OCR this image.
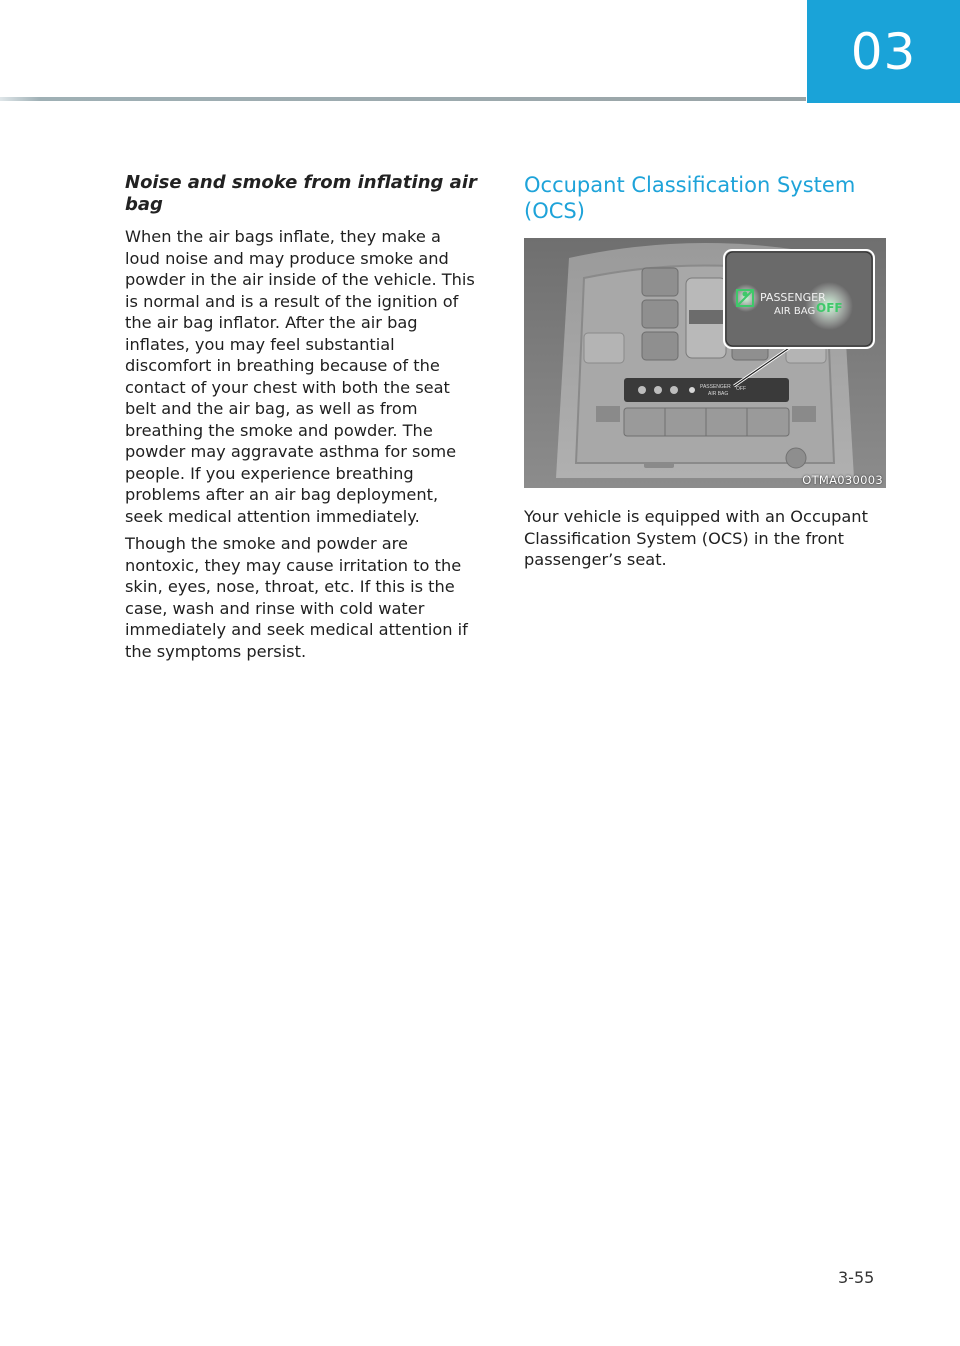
03
Noise and smoke from inflating air bag

When the air bags inflate, they make a loud noise and may produce smoke and powder in the air inside of the vehicle. This is normal and is a result of the ignition of the air bag inflator. After the air bag inflates, you may feel substantial discomfort in breathing because of the contact of your chest with both the seat belt and the air bag, as well as from breathing the smoke and powder. The powder may aggravate asthma for some people. If you experience breathing problems after an air bag deployment, seek medical attention immediately.

Though the smoke and powder are nontoxic, they may cause irritation to the skin, eyes, nose, throat, etc. If this is the case, wash and rinse with cold water immediately and seek medical attention if the symptoms persist.

Occupant Classification System (OCS)
PASSENGER
AIR BAG
OFF
PASSENGER
AIR BAG OFF
OTMA030003

Your vehicle is equipped with an Occupant Classification System (OCS) in the front passenger’s seat.

3-55
